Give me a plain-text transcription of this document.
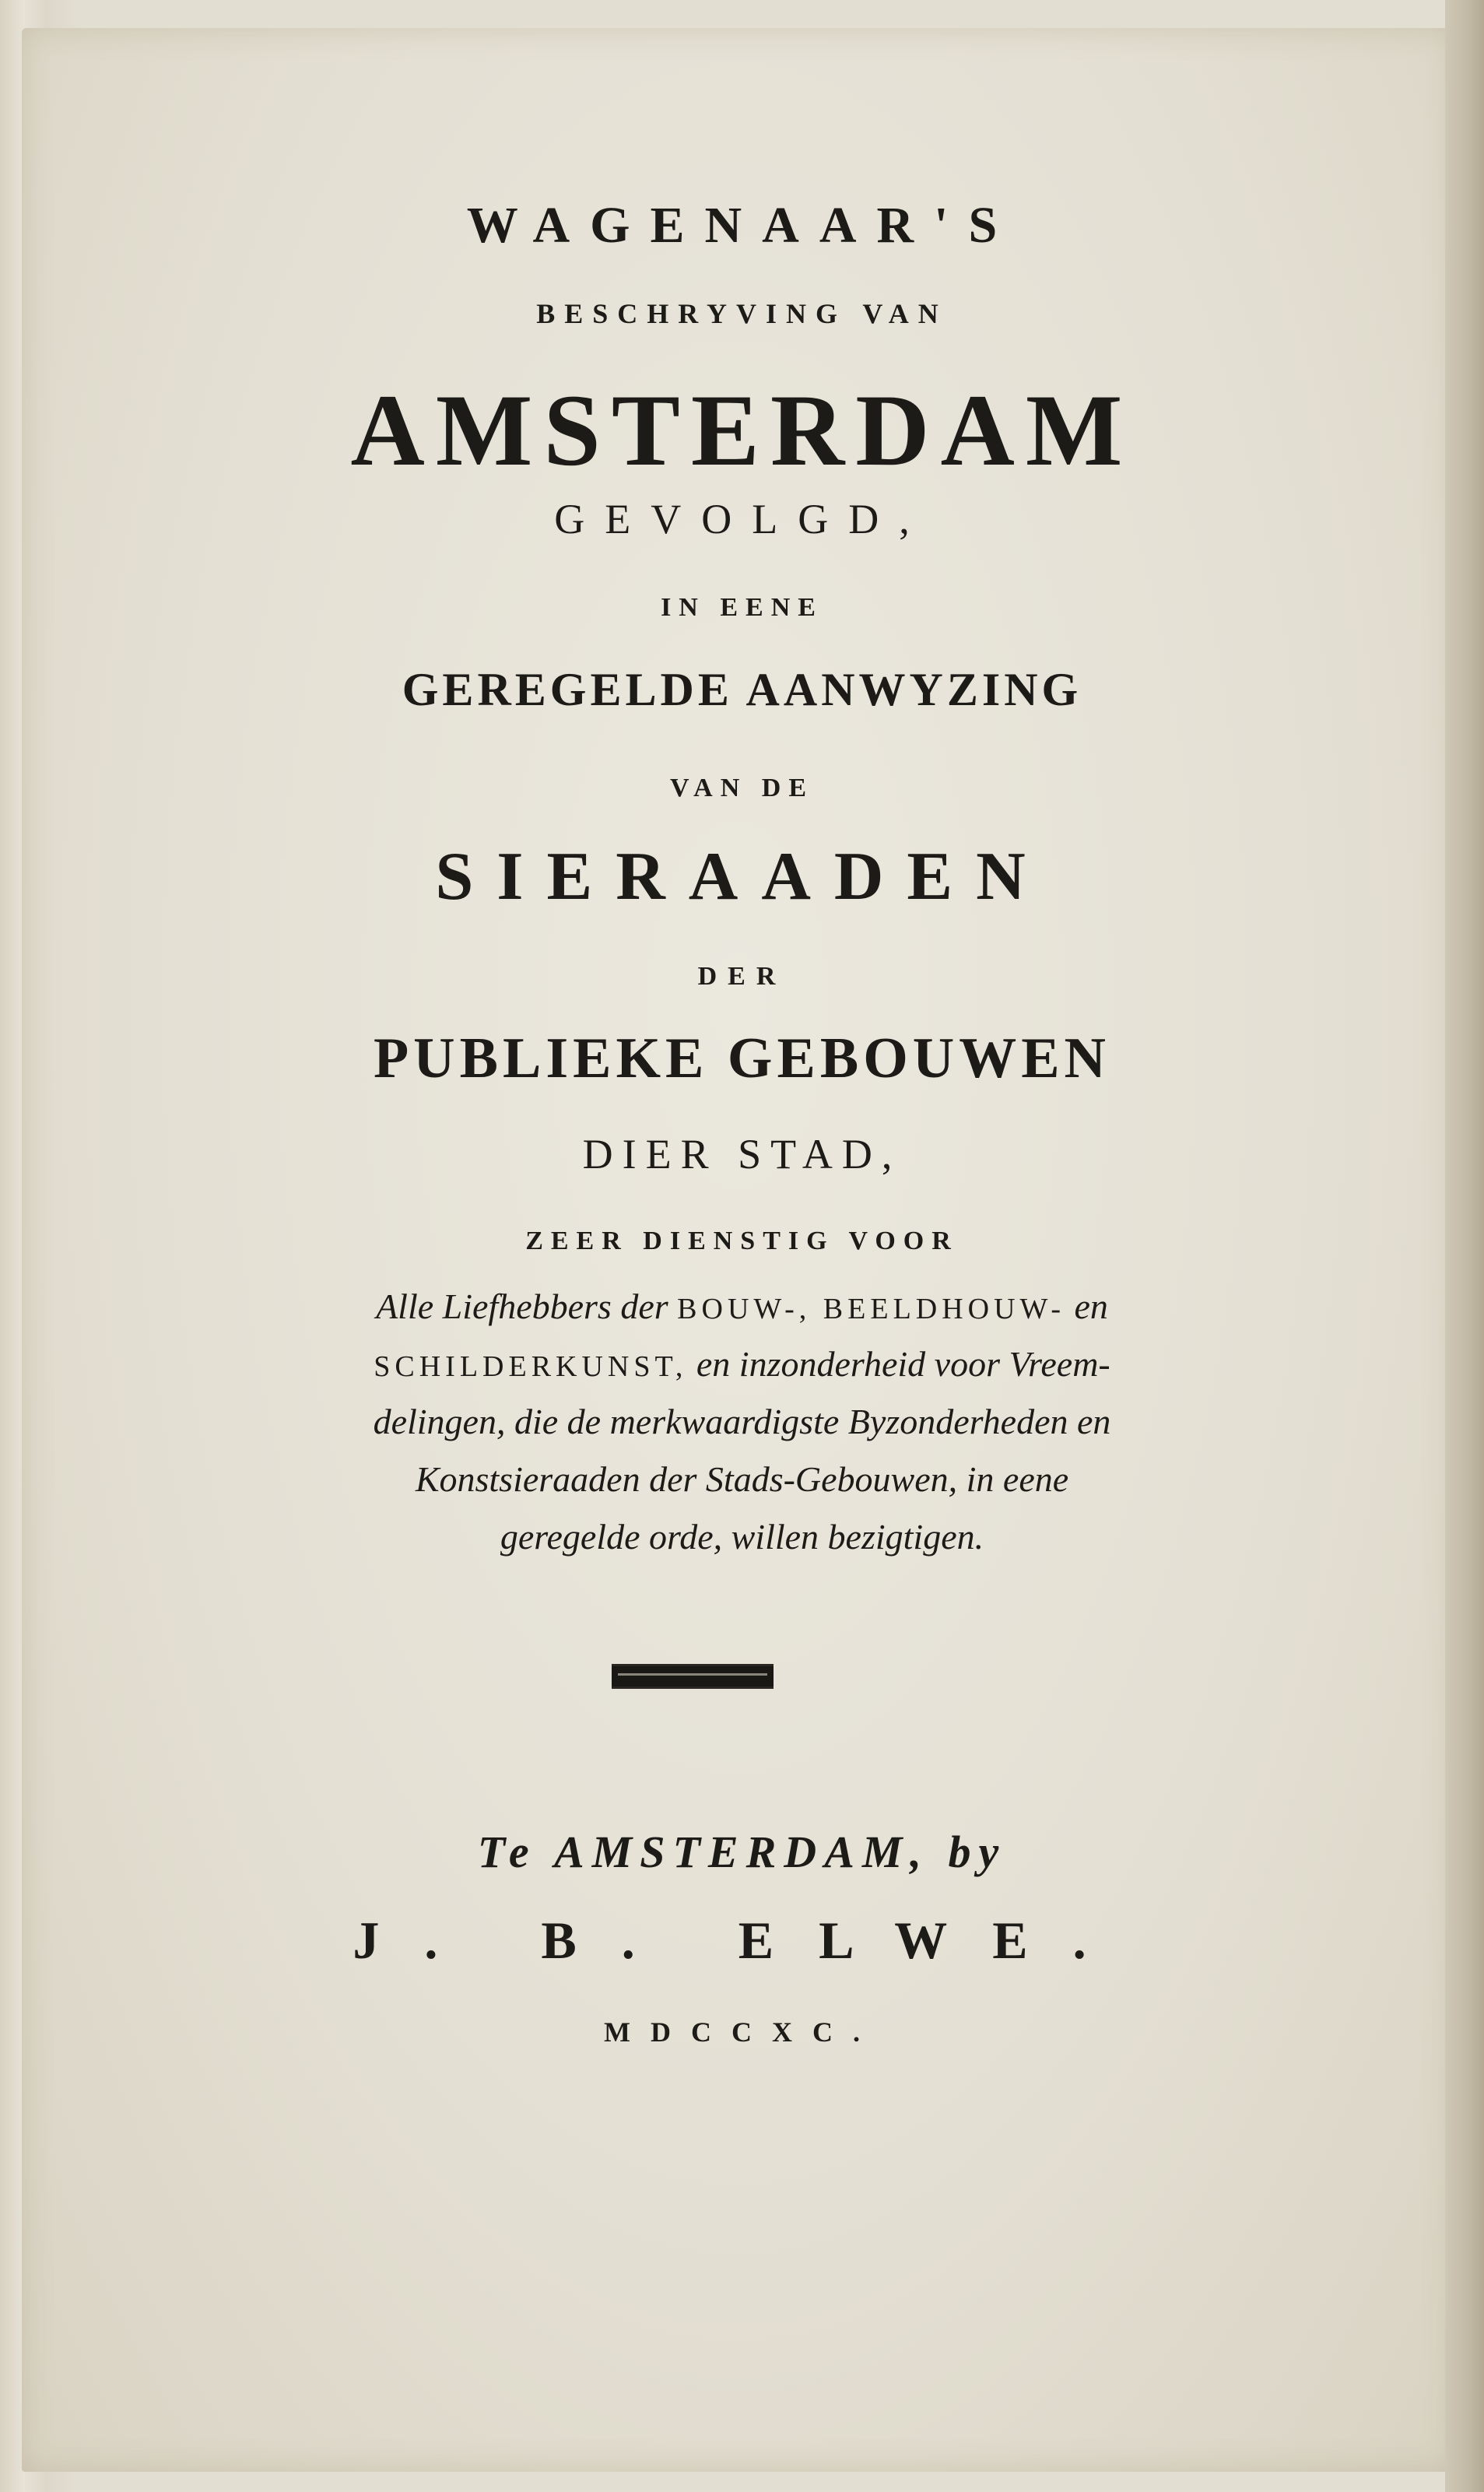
WAGENAAR'S
BESCHRYVING VAN
AMSTERDAM
GEVOLGD,
IN EENE
GEREGELDE AANWYZING
VAN DE
SIERAADEN
DER
PUBLIEKE GEBOUWEN
DIER STAD,
ZEER DIENSTIG VOOR
Alle Liefhebbers der BOUW-, BEELDHOUW- en
SCHILDERKUNST, en inzonderheid voor Vreem-
delingen, die de merkwaardigste Byzonderheden en
Konstsieraaden der Stads-Gebouwen, in eene
geregelde orde, willen bezigtigen.
Te AMSTERDAM, by
J. B. ELWE.
MDCCXC.
